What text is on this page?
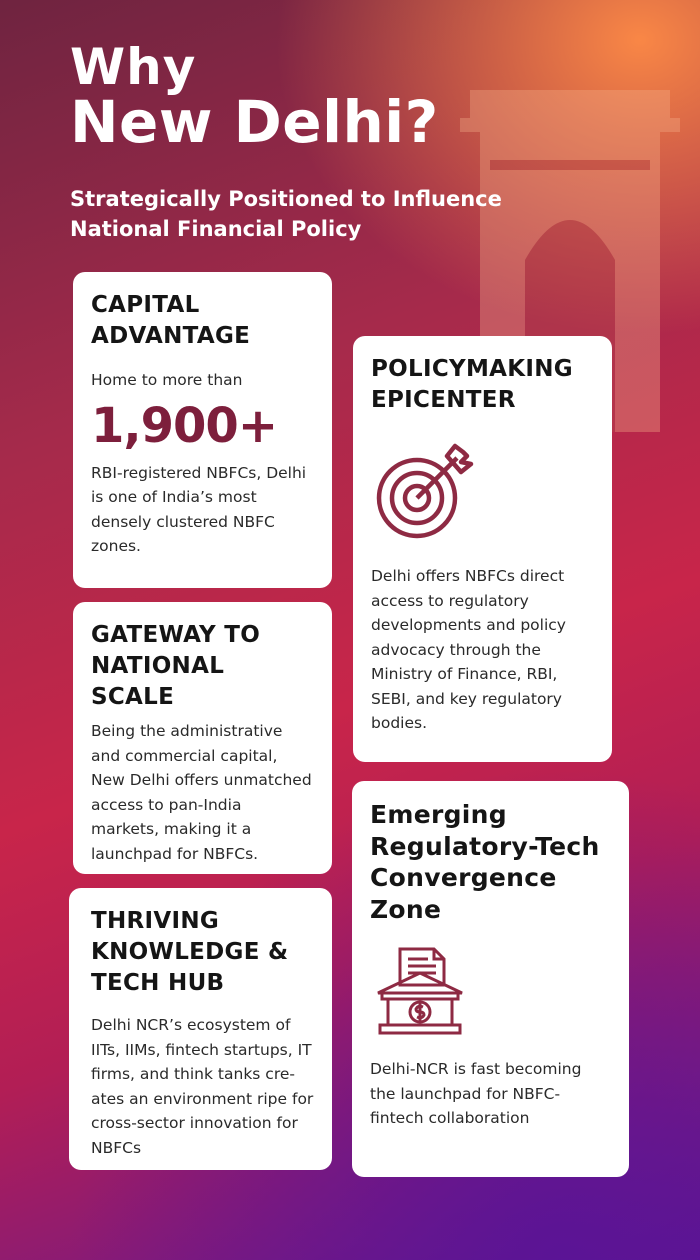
Why
New Delhi?
Strategically Positioned to Influence National Financial Policy
CAPITAL ADVANTAGE

Home to more than

1,900+

RBI-registered NBFCs, Delhi is one of India’s most densely clustered NBFC zones.

POLICYMAKING EPICENTER

Delhi offers NBFCs direct access to regulatory developments and policy advocacy through the Ministry of Finance, RBI, SEBI, and key regulatory bodies.

GATEWAY TO NATIONAL SCALE

Being the administrative and commercial capital, New Delhi offers unmatched access to pan-India markets, making it a launchpad for NBFCs.

THRIVING KNOWLEDGE & TECH HUB

Delhi NCR’s ecosystem of IITs, IIMs, fintech startups, IT firms, and think tanks cre-ates an environment ripe for cross-sector innovation for NBFCs

Emerging Regulatory-Tech Convergence Zone

Delhi-NCR is fast becoming the launchpad for NBFC-fintech collaboration
